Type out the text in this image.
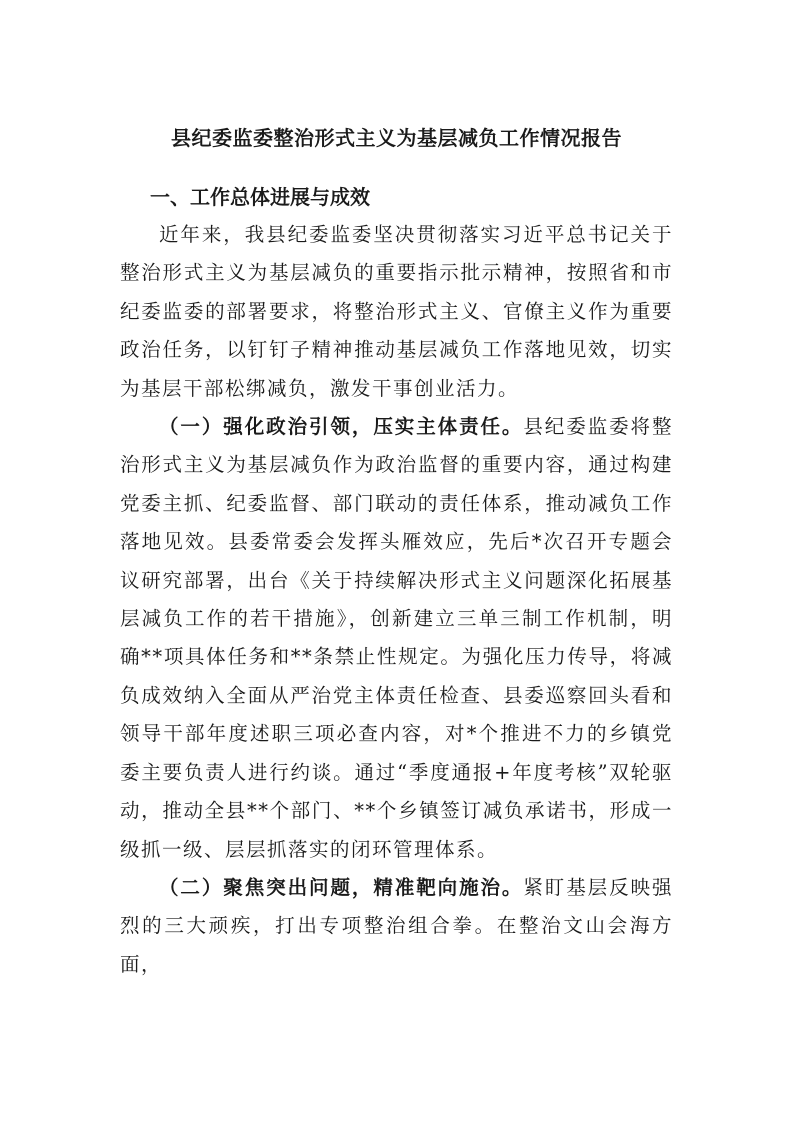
县纪委监委整治形式主义为基层减负工作情况报告
一、工作总体进展与成效

近年来，我县纪委监委坚决贯彻落实习近平总书记关于整治形式主义为基层减负的重要指示批示精神，按照省和市纪委监委的部署要求，将整治形式主义、官僚主义作为重要政治任务，以钉钉子精神推动基层减负工作落地见效，切实为基层干部松绑减负，激发干事创业活力。

（一）强化政治引领，压实主体责任。县纪委监委将整治形式主义为基层减负作为政治监督的重要内容，通过构建党委主抓、纪委监督、部门联动的责任体系，推动减负工作落地见效。县委常委会发挥头雁效应，先后*次召开专题会议研究部署，出台《关于持续解决形式主义问题深化拓展基层减负工作的若干措施》，创新建立三单三制工作机制，明确**项具体任务和**条禁止性规定。为强化压力传导，将减负成效纳入全面从严治党主体责任检查、县委巡察回头看和领导干部年度述职三项必查内容，对*个推进不力的乡镇党委主要负责人进行约谈。通过“季度通报+年度考核”双轮驱动，推动全县**个部门、**个乡镇签订减负承诺书，形成一级抓一级、层层抓落实的闭环管理体系。

（二）聚焦突出问题，精准靶向施治。紧盯基层反映强烈的三大顽疾，打出专项整治组合拳。在整治文山会海方面，
